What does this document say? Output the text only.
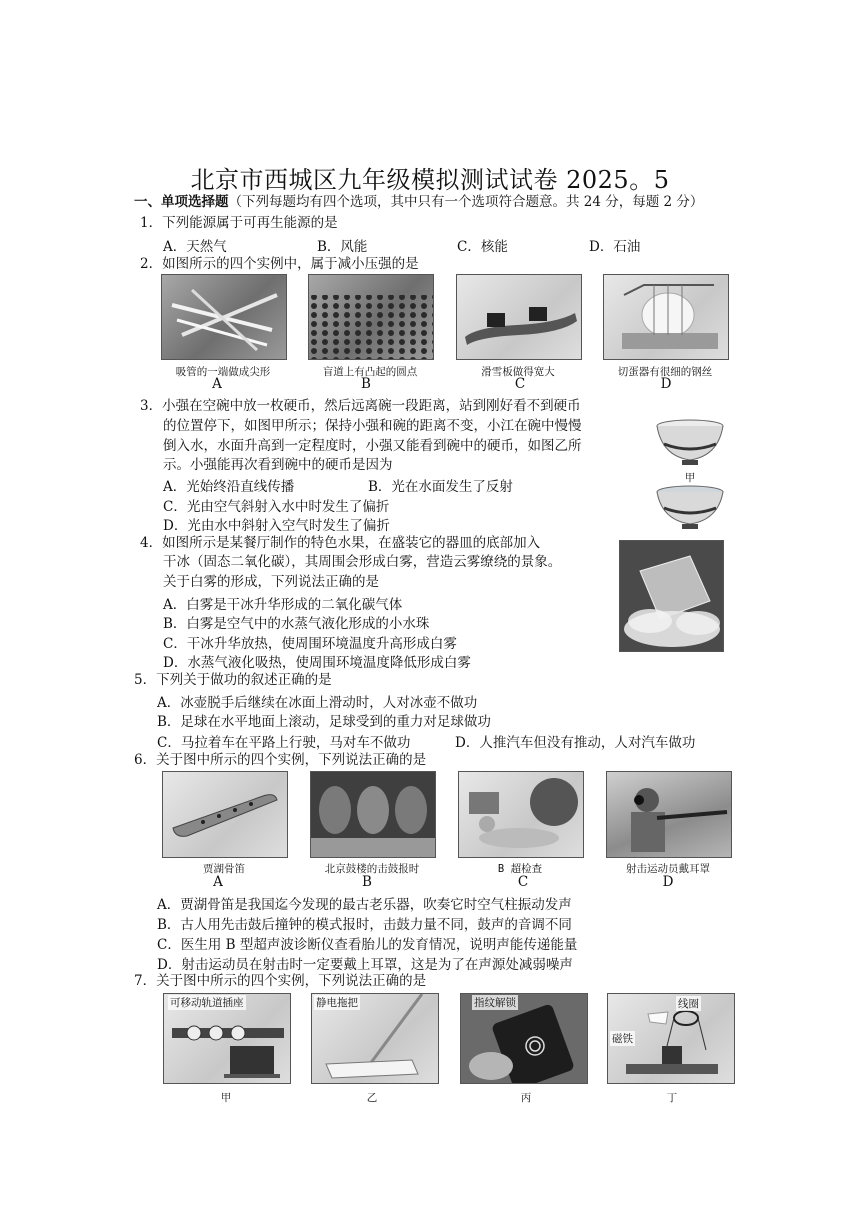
北京市西城区九年级模拟测试试卷 2025。5
一、单项选择题（下列每题均有四个选项，其中只有一个选项符合题意。共 24 分，每题 2 分）
1．下列能源属于可再生能源的是
A．天然气	B．风能	C．核能	D．石油
2．如图所示的四个实例中，属于减小压强的是
吸管的一端做成尖形
A
盲道上有凸起的圆点
B
滑雪板做得宽大
C
切蛋器有很细的钢丝
D
3．小强在空碗中放一枚硬币，然后远离碗一段距离，站到刚好看不到硬币
的位置停下，如图甲所示；保持小强和碗的距离不变，小江在碗中慢慢
倒入水，水面升高到一定程度时，小强又能看到碗中的硬币，如图乙所
示。小强能再次看到碗中的硬币是因为
A．光始终沿直线传播	B．光在水面发生了反射
C．光由空气斜射入水中时发生了偏折
D．光由水中斜射入空气时发生了偏折
甲
4．如图所示是某餐厅制作的特色水果，在盛装它的器皿的底部加入
干冰（固态二氧化碳），其周围会形成白雾，营造云雾缭绕的景象。
关于白雾的形成，下列说法正确的是
A．白雾是干冰升华形成的二氧化碳气体
B．白雾是空气中的水蒸气液化形成的小水珠
C．干冰升华放热，使周围环境温度升高形成白雾
D．水蒸气液化吸热，使周围环境温度降低形成白雾
5．下列关于做功的叙述正确的是
A．冰壶脱手后继续在冰面上滑动时，人对冰壶不做功
B．足球在水平地面上滚动，足球受到的重力对足球做功
C．马拉着车在平路上行驶，马对车不做功	D．人推汽车但没有推动，人对汽车做功
6．关于图中所示的四个实例，下列说法正确的是
贾湖骨笛
A
北京鼓楼的击鼓报时
B
B 超检查
C
射击运动员戴耳罩
D
A．贾湖骨笛是我国迄今发现的最古老乐器，吹奏它时空气柱振动发声
B．古人用先击鼓后撞钟的模式报时，击鼓力量不同，鼓声的音调不同
C．医生用 B 型超声波诊断仪查看胎儿的发育情况，说明声能传递能量
D．射击运动员在射击时一定要戴上耳罩，这是为了在声源处减弱噪声
7．关于图中所示的四个实例，下列说法正确的是
可移动轨道插座
甲
静电拖把
乙
指纹解锁
丙
线圈
磁铁
丁
